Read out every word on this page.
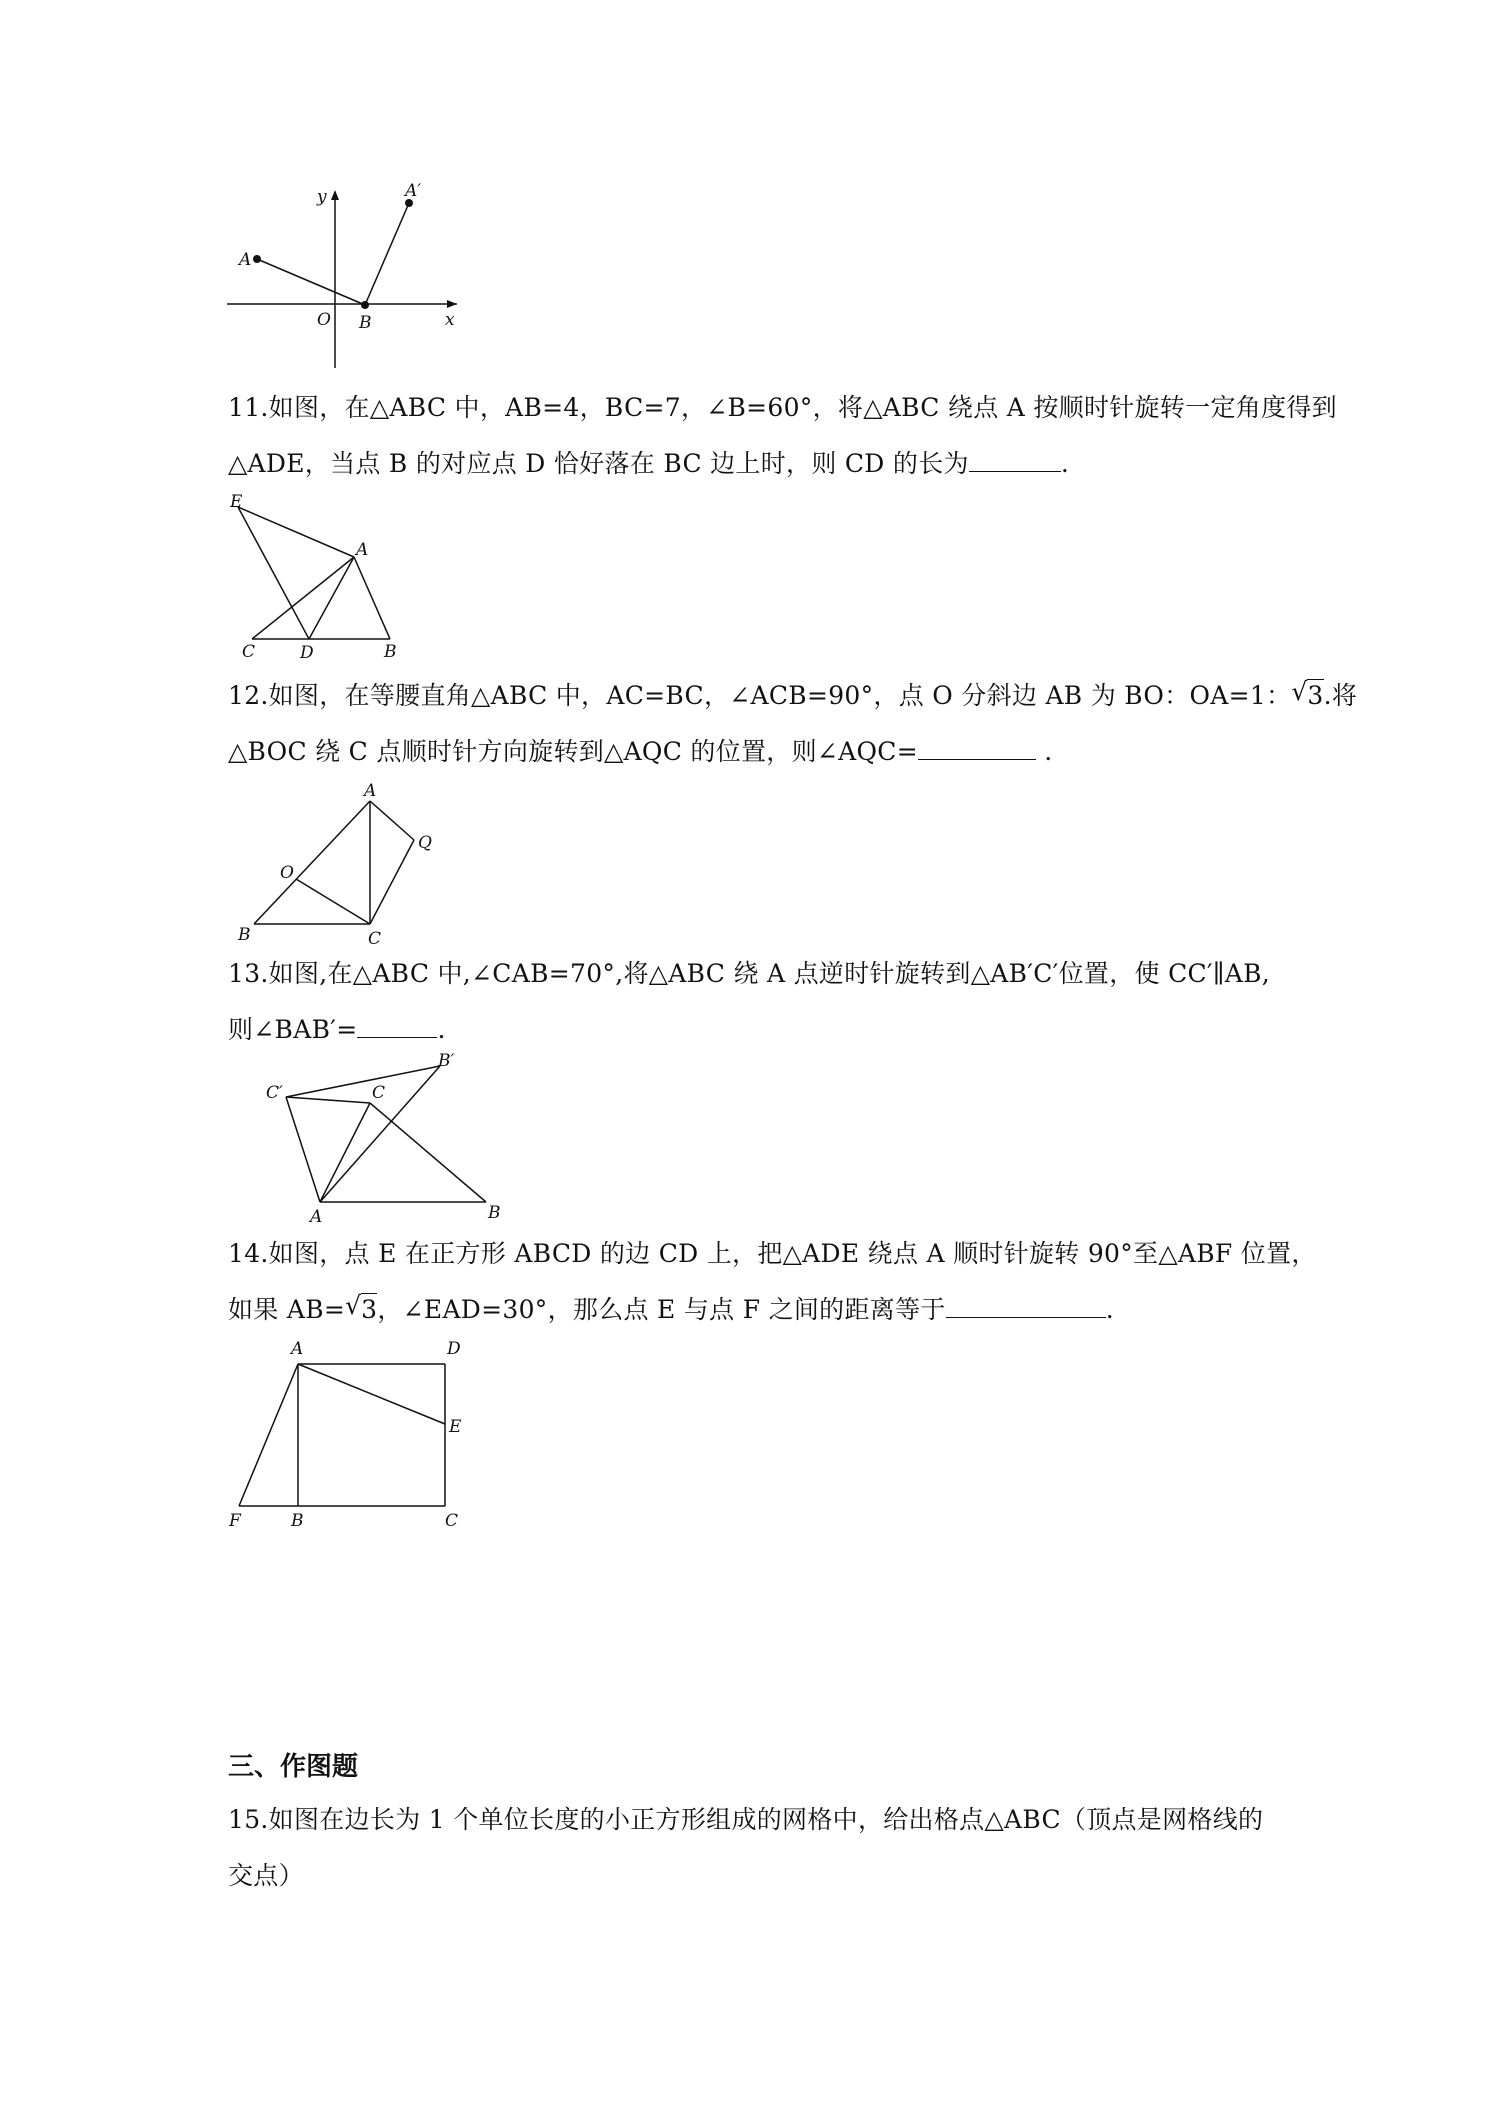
y
x
O
A
A′
B

11.如图，在△ABC 中，AB=4，BC=7，∠B=60°，将△ABC 绕点 A 按顺时针旋转一定角度得到

△ADE，当点 B 的对应点 D 恰好落在 BC 边上时，则 CD 的长为	.

E
A
C	D	B

12.如图，在等腰直角△ABC 中，AC=BC，∠ACB=90°，点 O 分斜边 AB 为 BO：OA=1： √ 3.将

△BOC 绕 C 点顺时针方向旋转到△AQC 的位置，则∠AQC=	.

A
Q
O
B	C

13.如图,在△ABC 中,∠CAB=70°,将△ABC 绕 A 点逆时针旋转到△AB′C′位置，使 CC′∥AB,

则∠BAB′=	.

C′	C
B′
A	B

14.如图，点 E 在正方形 ABCD 的边 CD 上，把△ADE 绕点 A 顺时针旋转 90°至△ABF 位置，

如果 AB= √ 3，∠EAD=30°，那么点 E 与点 F 之间的距离等于	.

A	D
E
F	B	C
三、作图题

15.如图在边长为 1 个单位长度的小正方形组成的网格中，给出格点△ABC（顶点是网格线的

交点）
